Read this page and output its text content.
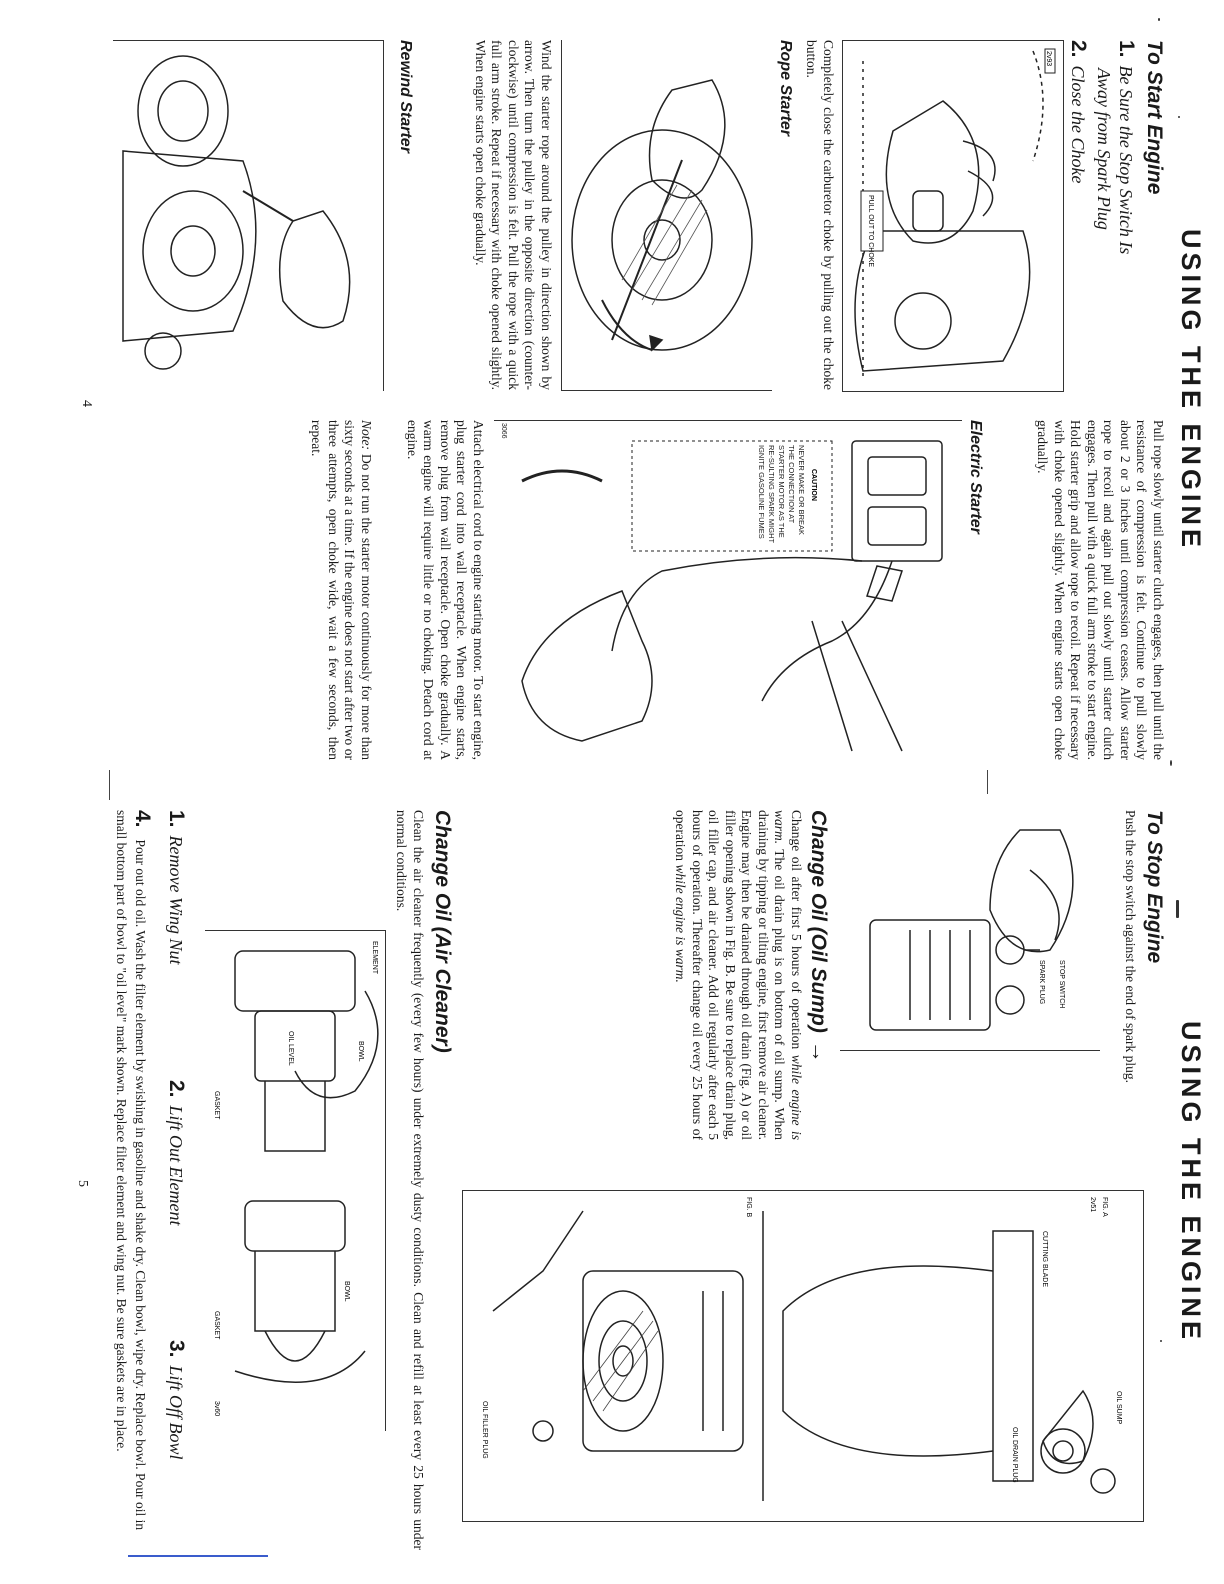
USING THE ENGINE
To Start Engine
1.Be Sure the Stop Switch Is
Away from Spark Plug
2.Close the Choke
2v93
PULL OUT TO CHOKE
Completely close the carburetor choke by pulling out the choke button.
Rope Starter
Wind the starter rope around the pulley in direction shown by arrow. Then turn the pulley in the opposite direction (counter-clockwise) until compression is felt. Pull the rope with a quick full arm stroke. Repeat if necessary with choke opened slightly. When engine starts open choke gradually.
Rewind Starter
Pull rope slowly until starter clutch engages, then pull until the resistance of compression is felt. Continue to pull slowly about 2 or 3 inches until compression ceases. Allow starter rope to recoil and again pull out slowly until starter clutch engages. Then pull with a quick full arm stroke to start engine. Hold starter grip and allow rope to recoil. Repeat if necessary with choke opened slightly. When engine starts open choke gradually.
Electric Starter
CAUTION
NEVER MAKE OR BREAK THE CONNECTION AT STARTER MOTOR AS THE RE-SULTING SPARK MIGHT IGNITE GASOLINE FUMES
3066
Attach electrical cord to engine starting motor. To start engine, plug starter cord into wall receptacle. When engine starts, remove plug from wall receptacle. Open choke gradually. A warm engine will require little or no choking. Detach cord at engine.
Note: Do not run the starter motor continuously for more than sixty seconds at a time. If the engine does not start after two or three attempts, open choke wide, wait a few seconds, then repeat.
4
USING THE ENGINE
To Stop Engine
Push the stop switch against the end of spark plug.
STOP SWITCH
SPARK PLUG
Change Oil (Oil Sump) →
Change oil after first 5 hours of operation while engine is warm. The oil drain plug is on bottom of oil sump. When draining by tipping or tilting engine, first remove air cleaner. Engine may then be drained through oil drain (Fig. A) or oil filler opening shown in Fig. B. Be sure to replace drain plug, oil filler cap, and air cleaner. Add oil regularly after each 5 hours of operation. Thereafter change oil every 25 hours of operation while engine is warm.
FIG. A
2v51
CUTTING BLADE
OIL SUMP
OIL DRAIN PLUG
FIG. B
OIL FILLER PLUG
Change Oil (Air Cleaner)
Clean the air cleaner frequently (every few hours) under extremely dusty conditions. Clean and refill at least every 25 hours under normal conditions.
ELEMENT
BOWL
OIL LEVEL
GASKET
BOWL
GASKET
3v60
1.Remove Wing Nut
2.Lift Out Element
3.Lift Off Bowl
4. Pour out old oil. Wash the filter element by swishing in gasoline and shake dry. Clean bowl, wipe dry. Replace bowl. Pour oil in small bottom part of bowl to "oil level" mark shown. Replace filter element and wing nut. Be sure gaskets are in place.
5
